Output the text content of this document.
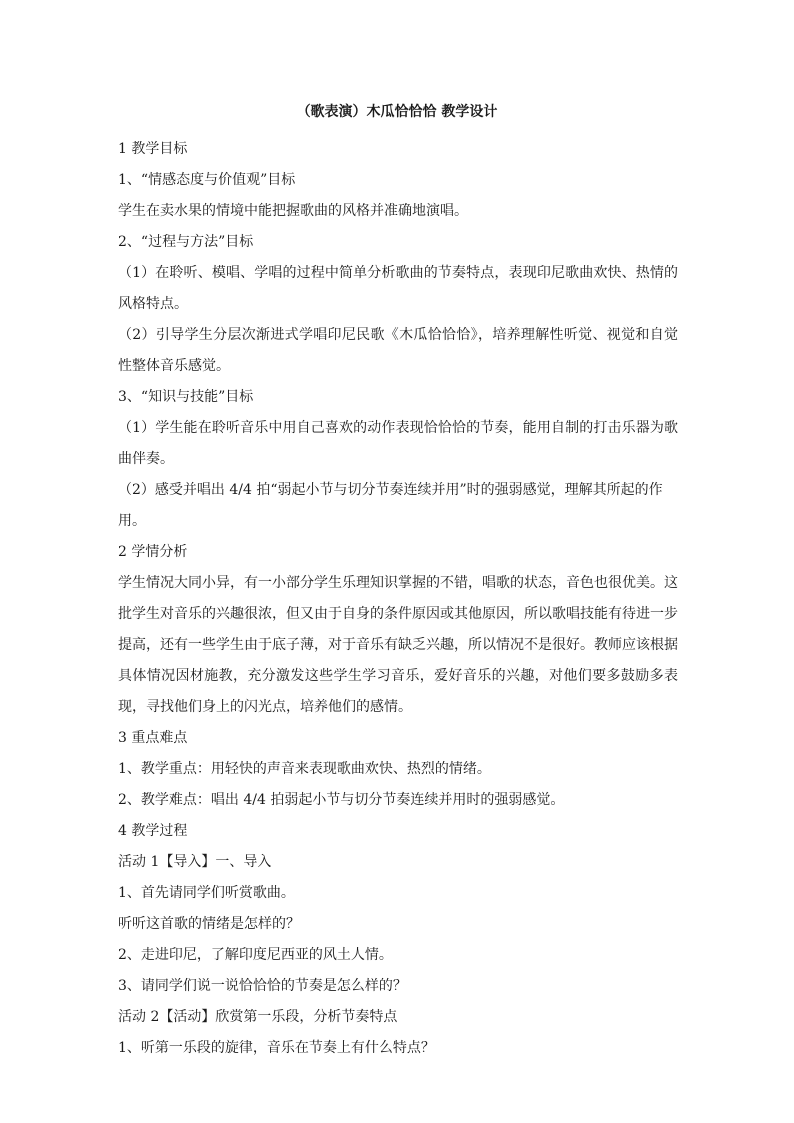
（歌表演）木瓜恰恰恰 教学设计

1 教学目标

1、“情感态度与价值观”目标

学生在卖水果的情境中能把握歌曲的风格并准确地演唱。

2、“过程与方法”目标

（1）在聆听、模唱、学唱的过程中简单分析歌曲的节奏特点，表现印尼歌曲欢快、热情的风格特点。

（2）引导学生分层次渐进式学唱印尼民歌《木瓜恰恰恰》，培养理解性听觉、视觉和自觉性整体音乐感觉。

3、“知识与技能”目标

（1）学生能在聆听音乐中用自己喜欢的动作表现恰恰恰的节奏，能用自制的打击乐器为歌曲伴奏。

（2）感受并唱出 4/4 拍“弱起小节与切分节奏连续并用”时的强弱感觉，理解其所起的作用。

2 学情分析

学生情况大同小异，有一小部分学生乐理知识掌握的不错，唱歌的状态，音色也很优美。这批学生对音乐的兴趣很浓，但又由于自身的条件原因或其他原因，所以歌唱技能有待进一步提高，还有一些学生由于底子薄，对于音乐有缺乏兴趣，所以情况不是很好。教师应该根据具体情况因材施教，充分激发这些学生学习音乐，爱好音乐的兴趣，对他们要多鼓励多表现，寻找他们身上的闪光点，培养他们的感情。

3 重点难点

1、教学重点：用轻快的声音来表现歌曲欢快、热烈的情绪。

2、教学难点：唱出 4/4 拍弱起小节与切分节奏连续并用时的强弱感觉。

4 教学过程

活动 1【导入】一、导入

1、首先请同学们听赏歌曲。

听听这首歌的情绪是怎样的？

2、走进印尼，了解印度尼西亚的风土人情。

3、请同学们说一说恰恰恰的节奏是怎么样的？

活动 2【活动】欣赏第一乐段，分析节奏特点

1、听第一乐段的旋律，音乐在节奏上有什么特点？
